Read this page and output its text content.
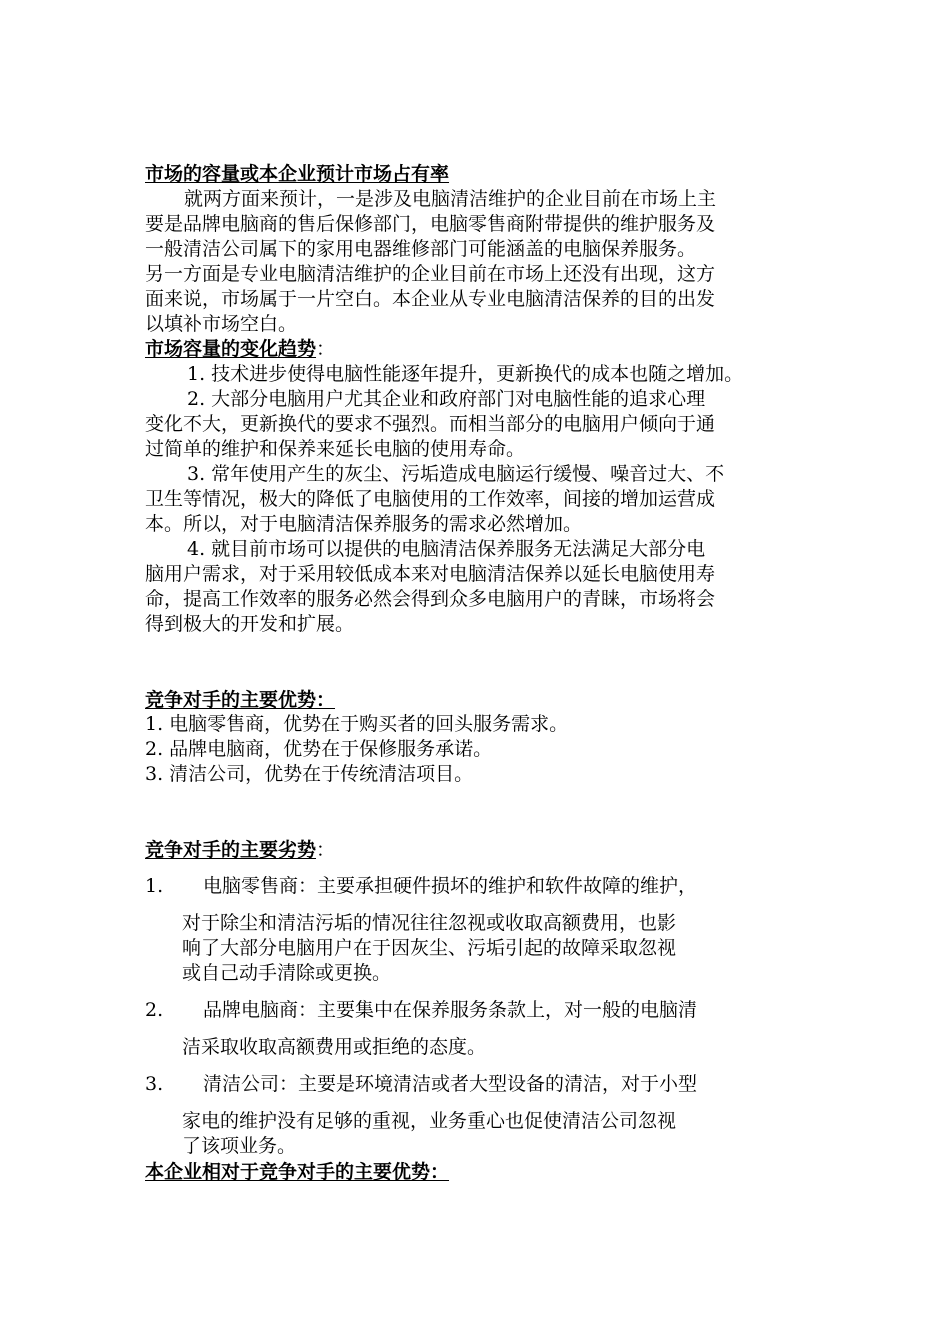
市场的容量或本企业预计市场占有率
就两方面来预计，一是涉及电脑清洁维护的企业目前在市场上主
要是品牌电脑商的售后保修部门，电脑零售商附带提供的维护服务及
一般清洁公司属下的家用电器维修部门可能涵盖的电脑保养服务。
另一方面是专业电脑清洁维护的企业目前在市场上还没有出现，这方
面来说，市场属于一片空白。本企业从专业电脑清洁保养的目的出发
以填补市场空白。
市场容量的变化趋势：
1. 技术进步使得电脑性能逐年提升，更新换代的成本也随之增加。
2. 大部分电脑用户尤其企业和政府部门对电脑性能的追求心理
变化不大，更新换代的要求不强烈。而相当部分的电脑用户倾向于通
过简单的维护和保养来延长电脑的使用寿命。
3. 常年使用产生的灰尘、污垢造成电脑运行缓慢、噪音过大、不
卫生等情况，极大的降低了电脑使用的工作效率，间接的增加运营成
本。所以，对于电脑清洁保养服务的需求必然增加。
4. 就目前市场可以提供的电脑清洁保养服务无法满足大部分电
脑用户需求，对于采用较低成本来对电脑清洁保养以延长电脑使用寿
命，提高工作效率的服务必然会得到众多电脑用户的青睐，市场将会
得到极大的开发和扩展。
竞争对手的主要优势：
1. 电脑零售商，优势在于购买者的回头服务需求。
2. 品牌电脑商，优势在于保修服务承诺。
3. 清洁公司，优势在于传统清洁项目。
竞争对手的主要劣势：
1. 电脑零售商：主要承担硬件损坏的维护和软件故障的维护，
对于除尘和清洁污垢的情况往往忽视或收取高额费用，也影
响了大部分电脑用户在于因灰尘、污垢引起的故障采取忽视
或自己动手清除或更换。
2. 品牌电脑商：主要集中在保养服务条款上，对一般的电脑清
洁采取收取高额费用或拒绝的态度。
3. 清洁公司：主要是环境清洁或者大型设备的清洁，对于小型
家电的维护没有足够的重视，业务重心也促使清洁公司忽视
了该项业务。
本企业相对于竞争对手的主要优势：
